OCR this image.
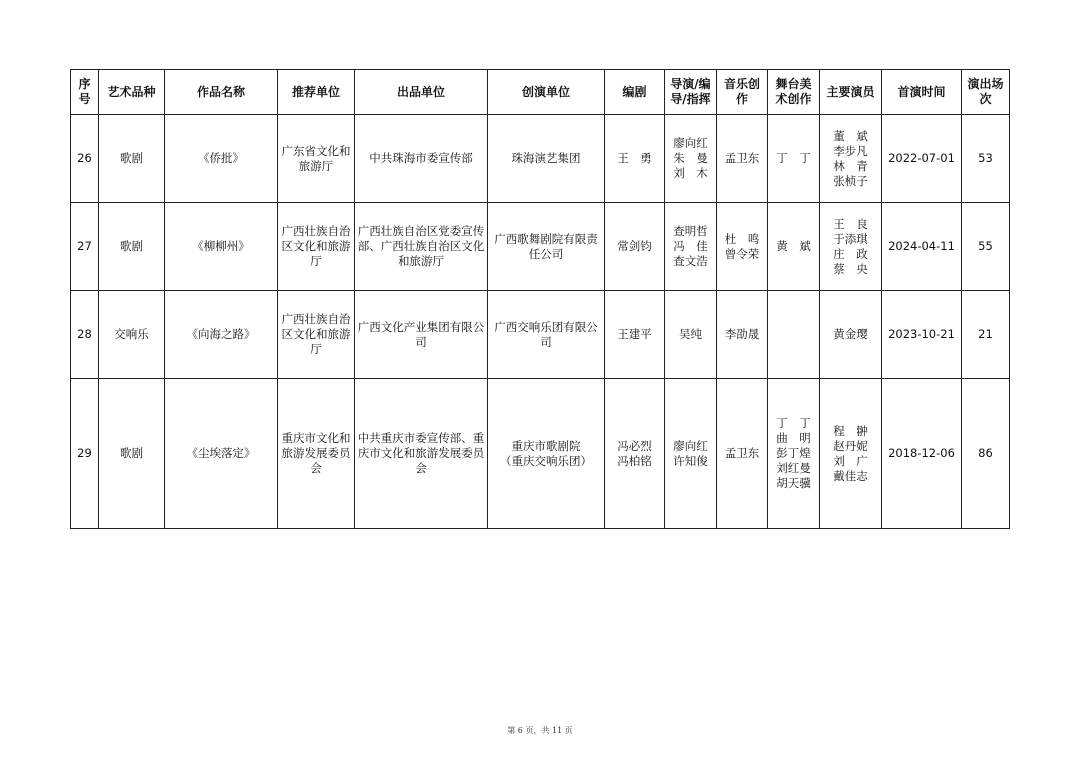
序号	艺术品种	作品名称	推荐单位	出品单位	创演单位	编剧	导演/编导/指挥	音乐创作	舞台美术创作	主要演员	首演时间	演出场次
26	歌剧	《侨批》	广东省文化和旅游厅	中共珠海市委宣传部	珠海演艺集团	王　勇	廖向红
朱　曼
刘　木	孟卫东	丁　丁	董　斌
李步凡
林　青
张桢子	2022-07-01	53
27	歌剧	《柳柳州》	广西壮族自治区文化和旅游厅	广西壮族自治区党委宣传部、广西壮族自治区文化和旅游厅	广西歌舞剧院有限责任公司	常剑钧	查明哲
冯　佳
查文浩	杜　鸣
曾令荣	黄　斌	王　良
于添琪
庄　政
蔡　央	2024-04-11	55
28	交响乐	《向海之路》	广西壮族自治区文化和旅游厅	广西文化产业集团有限公司	广西交响乐团有限公司	王建平	吴纯	李劭晟		黄金璎	2023-10-21	21
29	歌剧	《尘埃落定》	重庆市文化和旅游发展委员会	中共重庆市委宣传部、重庆市文化和旅游发展委员会	重庆市歌剧院
（重庆交响乐团）	冯必烈
冯柏铭	廖向红
许知俊	孟卫东	丁　丁
曲　明
彭丁煌
刘红曼
胡天骥	程　翀
赵丹妮
刘　广
戴佳志	2018-12-06	86
第 6 页，共 11 页
